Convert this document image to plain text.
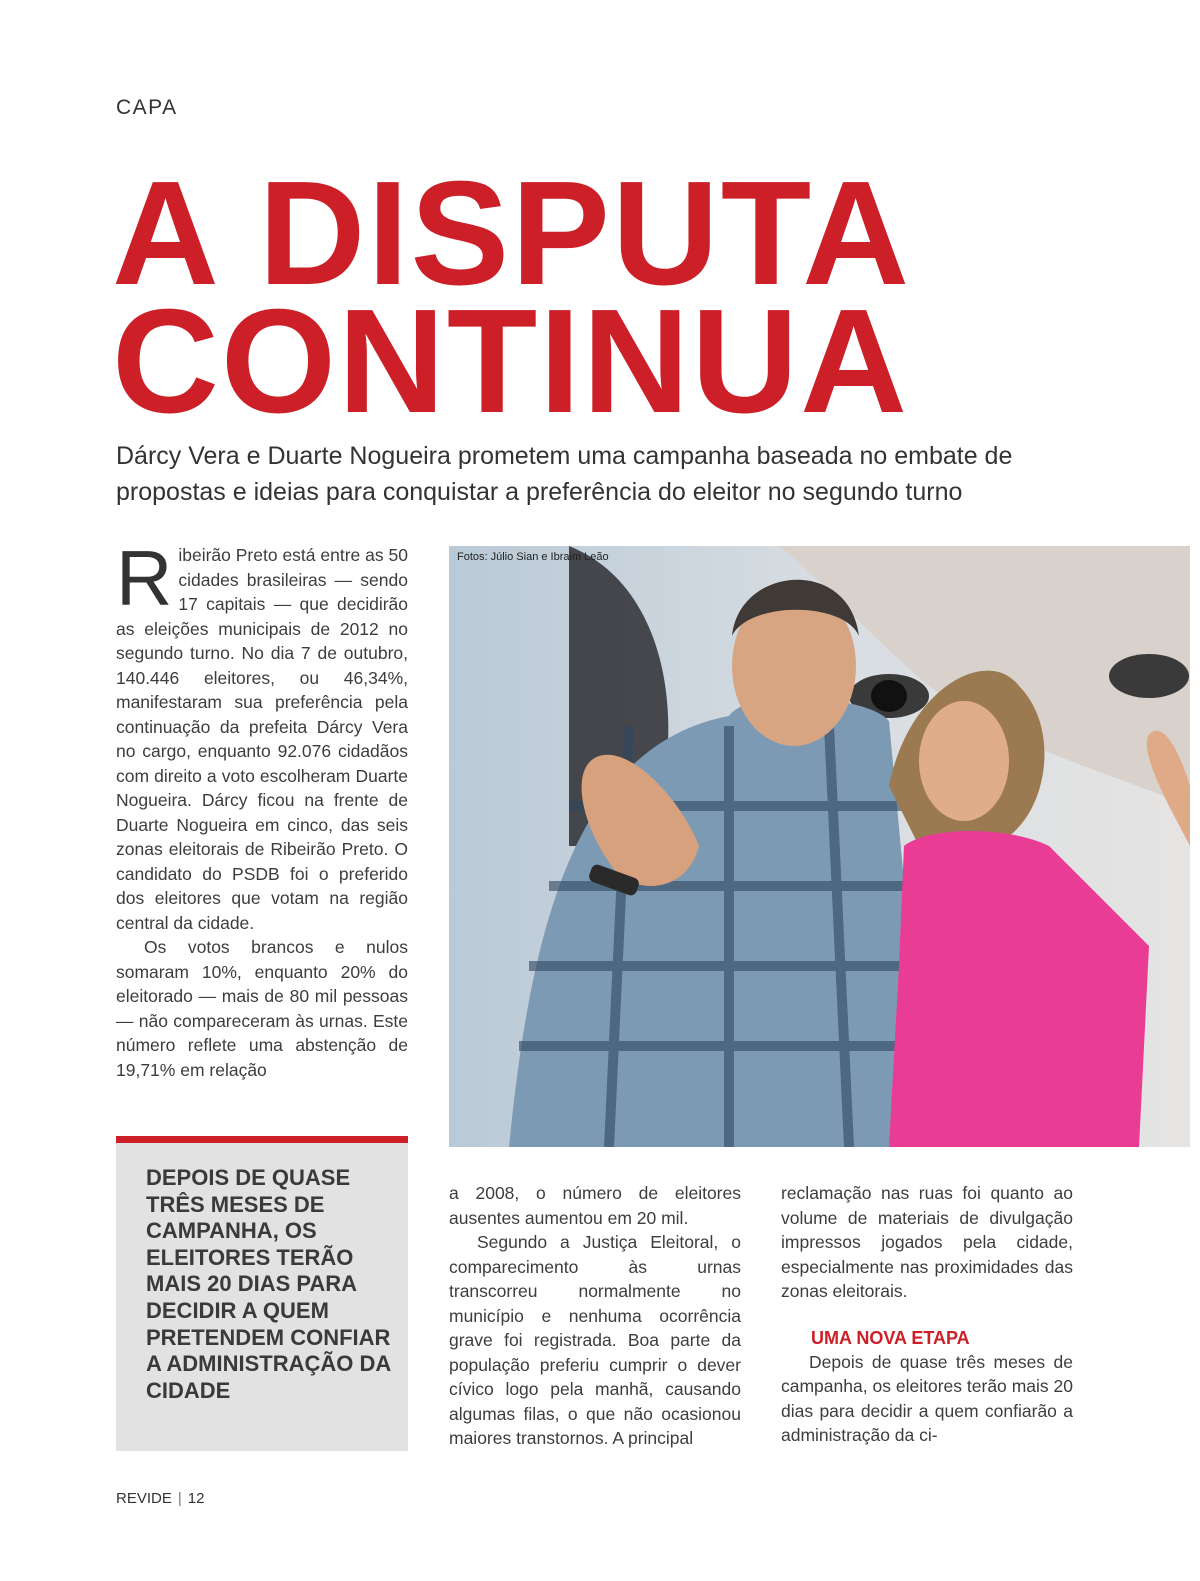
CAPA
A DISPUTA
CONTINUA
Dárcy Vera e Duarte Nogueira prometem uma campanha baseada no embate de propostas e ideias para conquistar a preferência do eleitor no segundo turno

Ribeirão Preto está entre as 50 cidades brasileiras — sendo 17 capitais — que decidirão as eleições municipais de 2012 no segundo turno. No dia 7 de outubro, 140.446 eleitores, ou 46,34%, manifestaram sua preferência pela continuação da prefeita Dárcy Vera no cargo, enquanto 92.076 cidadãos com direito a voto escolheram Duarte Nogueira. Dárcy ficou na frente de Duarte Nogueira em cinco, das seis zonas eleitorais de Ribeirão Preto. O candidato do PSDB foi o preferido dos eleitores que votam na região central da cidade.

Os votos brancos e nulos somaram 10%, enquanto 20% do eleitorado — mais de 80 mil pessoas — não compareceram às urnas. Este número reflete uma abstenção de 19,71% em relação

Fotos: Júlio Sian e Ibraim Leão
DEPOIS DE QUASE TRÊS MESES DE CAMPANHA, OS ELEITORES TERÃO MAIS 20 DIAS PARA DECIDIR A QUEM PRETENDEM CONFIAR A ADMINISTRAÇÃO DA CIDADE

a 2008, o número de eleitores ausentes aumentou em 20 mil.

Segundo a Justiça Eleitoral, o comparecimento às urnas transcorreu normalmente no município e nenhuma ocorrência grave foi registrada. Boa parte da população preferiu cumprir o dever cívico logo pela manhã, causando algumas filas, o que não ocasionou maiores transtornos. A principal

reclamação nas ruas foi quanto ao volume de materiais de divulgação impressos jogados pela cidade, especialmente nas proximidades das zonas eleitorais.

UMA NOVA ETAPA

Depois de quase três meses de campanha, os eleitores terão mais 20 dias para decidir a quem confiarão a administração da ci-

REVIDE | 12
